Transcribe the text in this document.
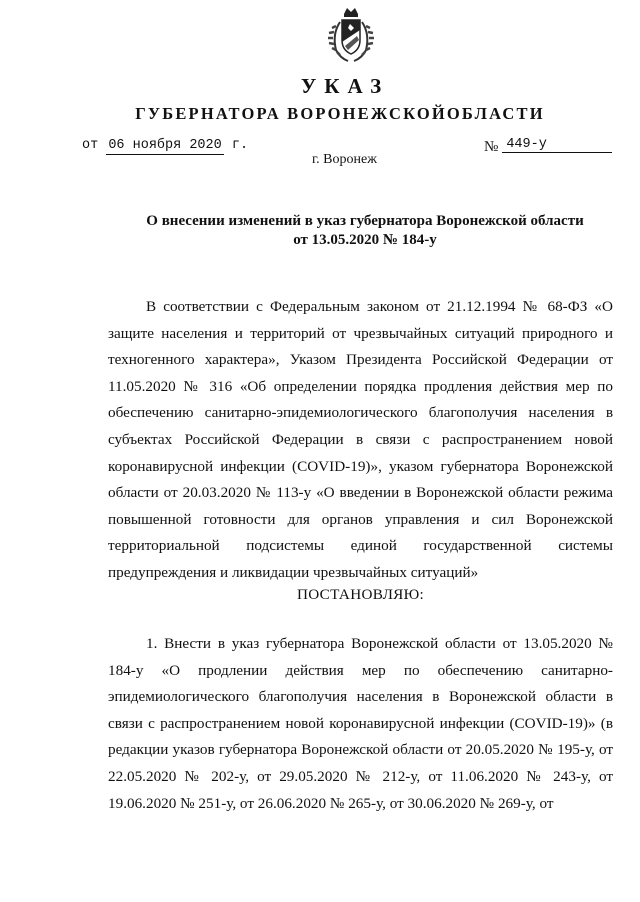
УКАЗ
ГУБЕРНАТОРА ВОРОНЕЖСКОЙОБЛАСТИ
от 06 ноября 2020 г.	№ 449-у
г. Воронеж
О внесении изменений в указ губернатора Воронежской области
от 13.05.2020 № 184-у

В соответствии с Федеральным законом от 21.12.1994 № 68-ФЗ «О защите населения и территорий от чрезвычайных ситуаций природного и техногенного характера», Указом Президента Российской Федерации от 11.05.2020 № 316 «Об определении порядка продления действия мер по обеспечению санитарно-эпидемиологического благополучия населения в субъектах Российской Федерации в связи с распространением новой коронавирусной инфекции (COVID-19)», указом губернатора Воронежской области от 20.03.2020 № 113-у «О введении в Воронежской области режима повышенной готовности для органов управления и сил Воронежской территориальной подсистемы единой государственной системы предупреждения и ликвидации чрезвычайных ситуаций»

ПОСТАНОВЛЯЮ:

1. Внести в указ губернатора Воронежской области от 13.05.2020 № 184-у «О продлении действия мер по обеспечению санитарно-эпидемиологического благополучия населения в Воронежской области в связи с распространением новой коронавирусной инфекции (COVID-19)» (в редакции указов губернатора Воронежской области от 20.05.2020 № 195-у, от 22.05.2020 № 202-у, от 29.05.2020 № 212-у, от 11.06.2020 № 243-у, от 19.06.2020 № 251-у, от 26.06.2020 № 265-у, от 30.06.2020 № 269-у, от
